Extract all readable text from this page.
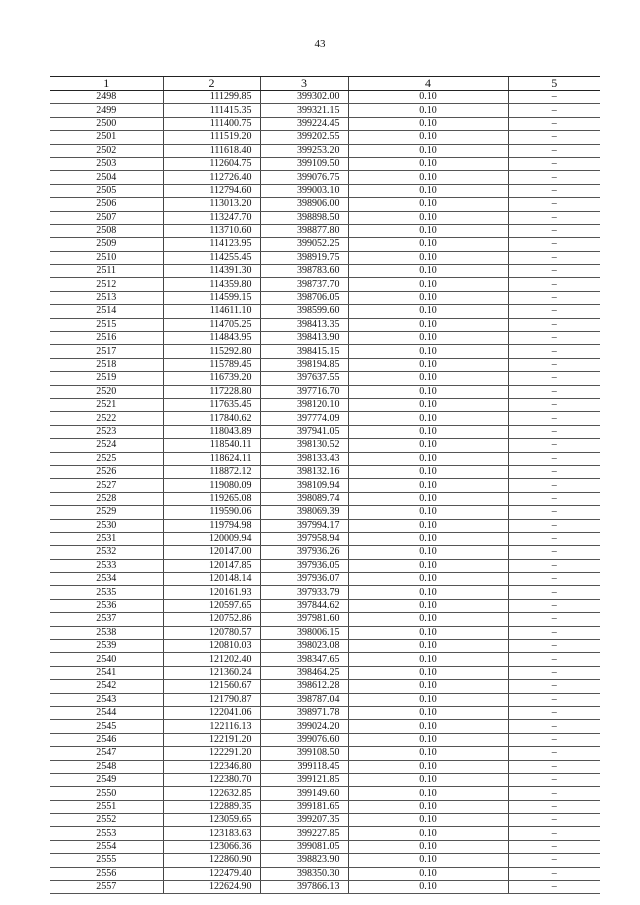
43
1	2	3	4	5
2498	111299.85	399302.00	0.10	–
2499	111415.35	399321.15	0.10	–
2500	111400.75	399224.45	0.10	–
2501	111519.20	399202.55	0.10	–
2502	111618.40	399253.20	0.10	–
2503	112604.75	399109.50	0.10	–
2504	112726.40	399076.75	0.10	–
2505	112794.60	399003.10	0.10	–
2506	113013.20	398906.00	0.10	–
2507	113247.70	398898.50	0.10	–
2508	113710.60	398877.80	0.10	–
2509	114123.95	399052.25	0.10	–
2510	114255.45	398919.75	0.10	–
2511	114391.30	398783.60	0.10	–
2512	114359.80	398737.70	0.10	–
2513	114599.15	398706.05	0.10	–
2514	114611.10	398599.60	0.10	–
2515	114705.25	398413.35	0.10	–
2516	114843.95	398413.90	0.10	–
2517	115292.80	398415.15	0.10	–
2518	115789.45	398194.85	0.10	–
2519	116739.20	397637.55	0.10	–
2520	117228.80	397716.70	0.10	–
2521	117635.45	398120.10	0.10	–
2522	117840.62	397774.09	0.10	–
2523	118043.89	397941.05	0.10	–
2524	118540.11	398130.52	0.10	–
2525	118624.11	398133.43	0.10	–
2526	118872.12	398132.16	0.10	–
2527	119080.09	398109.94	0.10	–
2528	119265.08	398089.74	0.10	–
2529	119590.06	398069.39	0.10	–
2530	119794.98	397994.17	0.10	–
2531	120009.94	397958.94	0.10	–
2532	120147.00	397936.26	0.10	–
2533	120147.85	397936.05	0.10	–
2534	120148.14	397936.07	0.10	–
2535	120161.93	397933.79	0.10	–
2536	120597.65	397844.62	0.10	–
2537	120752.86	397981.60	0.10	–
2538	120780.57	398006.15	0.10	–
2539	120810.03	398023.08	0.10	–
2540	121202.40	398347.65	0.10	–
2541	121360.24	398464.25	0.10	–
2542	121560.67	398612.28	0.10	–
2543	121790.87	398787.04	0.10	–
2544	122041.06	398971.78	0.10	–
2545	122116.13	399024.20	0.10	–
2546	122191.20	399076.60	0.10	–
2547	122291.20	399108.50	0.10	–
2548	122346.80	399118.45	0.10	–
2549	122380.70	399121.85	0.10	–
2550	122632.85	399149.60	0.10	–
2551	122889.35	399181.65	0.10	–
2552	123059.65	399207.35	0.10	–
2553	123183.63	399227.85	0.10	–
2554	123066.36	399081.05	0.10	–
2555	122860.90	398823.90	0.10	–
2556	122479.40	398350.30	0.10	–
2557	122624.90	397866.13	0.10	–
